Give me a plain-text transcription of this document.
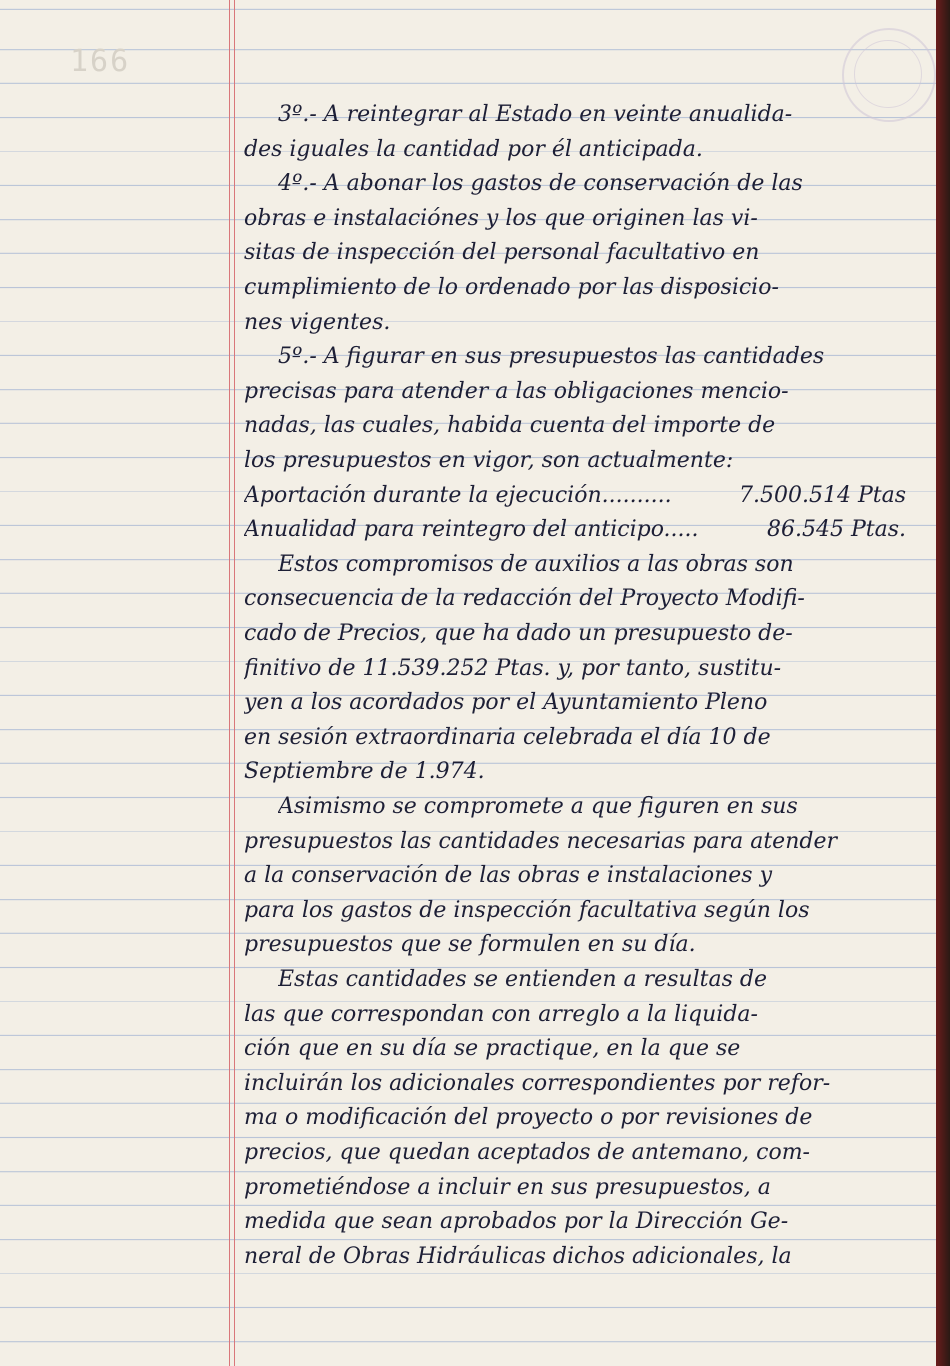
166
3º.- A reintegrar al Estado en veinte anualida-
des iguales la cantidad por él anticipada.
4º.- A abonar los gastos de conservación de las
obras e instalaciónes y los que originen las vi-
sitas de inspección del personal facultativo en
cumplimiento de lo ordenado por las disposicio-
nes vigentes.
5º.- A figurar en sus presupuestos las cantidades
precisas para atender a las obligaciones mencio-
nadas, las cuales, habida cuenta del importe de
los presupuestos en vigor, son actualmente:
Aportación durante la ejecución..........	7.500.514 Ptas
Anualidad para reintegro del anticipo.....	86.545 Ptas.
Estos compromisos de auxilios a las obras son
consecuencia de la redacción del Proyecto Modifi-
cado de Precios, que ha dado un presupuesto de-
finitivo de 11.539.252 Ptas. y, por tanto, sustitu-
yen a los acordados por el Ayuntamiento Pleno
en sesión extraordinaria celebrada el día 10 de
Septiembre de 1.974.
Asimismo se compromete a que figuren en sus
presupuestos las cantidades necesarias para atender
a la conservación de las obras e instalaciones y
para los gastos de inspección facultativa según los
presupuestos que se formulen en su día.
Estas cantidades se entienden a resultas de
las que correspondan con arreglo a la liquida-
ción que en su día se practique, en la que se
incluirán los adicionales correspondientes por refor-
ma o modificación del proyecto o por revisiones de
precios, que quedan aceptados de antemano, com-
prometiéndose a incluir en sus presupuestos, a
medida que sean aprobados por la Dirección Ge-
neral de Obras Hidráulicas dichos adicionales, la
